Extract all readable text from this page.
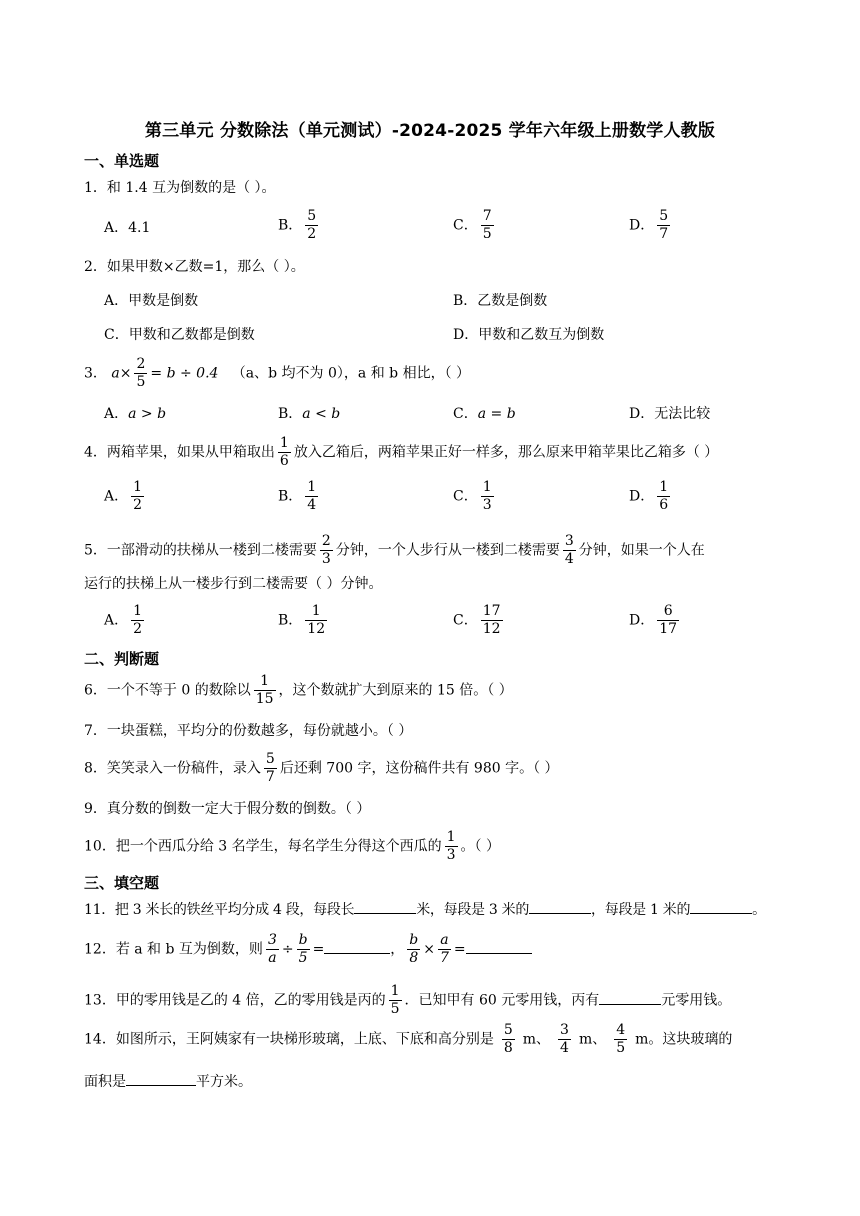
第三单元 分数除法（单元测试）-2024-2025 学年六年级上册数学人教版
一、单选题
1．和 1.4 互为倒数的是（ ）。
A．4.1	B． $\frac{5}{2}$	C． $\frac{7}{5}$	D． $\frac{5}{7}$
2．如果甲数×乙数=1，那么（ ）。
A．甲数是倒数	B．乙数是倒数
C．甲数和乙数都是倒数	D．甲数和乙数互为倒数
3． $a\times \frac{2}{5} = b \div 0.4$ （a、b 均不为 0），a 和 b 相比，（ ）
A．a > b	B．a < b	C．a = b	D．无法比较
4．两箱苹果，如果从甲箱取出 $\frac{1}{6}$ 放入乙箱后，两箱苹果正好一样多，那么原来甲箱苹果比乙箱多（ ）
A． $\frac{1}{2}$	B． $\frac{1}{4}$	C． $\frac{1}{3}$	D． $\frac{1}{6}$
5．一部滑动的扶梯从一楼到二楼需要 $\frac{2}{3}$ 分钟，一个人步行从一楼到二楼需要 $\frac{3}{4}$ 分钟，如果一个人在
运行的扶梯上从一楼步行到二楼需要（ ）分钟。
A． $\frac{1}{2}$	B． $\frac{1}{12}$	C． $\frac{17}{12}$	D． $\frac{6}{17}$
二、判断题
6．一个不等于 0 的数除以 $\frac{1}{15}$ ，这个数就扩大到原来的 15 倍。（ ）
7．一块蛋糕，平均分的份数越多，每份就越小。（ ）
8．笑笑录入一份稿件，录入 $\frac{5}{7}$ 后还剩 700 字，这份稿件共有 980 字。（ ）
9．真分数的倒数一定大于假分数的倒数。（ ）
10．把一个西瓜分给 3 名学生，每名学生分得这个西瓜的 $\frac{1}{3}$ 。（ ）
三、填空题
11．把 3 米长的铁丝平均分成 4 段，每段长	米，每段是 3 米的	，每段是 1 米的	。
12．若 a 和 b 互为倒数，则 $\frac{3}{a} \div \frac{b}{5}$ =	， $\frac{b}{8} \times \frac{a}{7}$ =
13．甲的零用钱是乙的 4 倍，乙的零用钱是丙的 $\frac{1}{5}$ ．已知甲有 60 元零用钱，丙有	元零用钱。
14．如图所示，王阿姨家有一块梯形玻璃，上底、下底和高分别是 $\frac{5}{8}$ m、 $\frac{3}{4}$ m、 $\frac{4}{5}$ m。这块玻璃的
面积是	平方米。
